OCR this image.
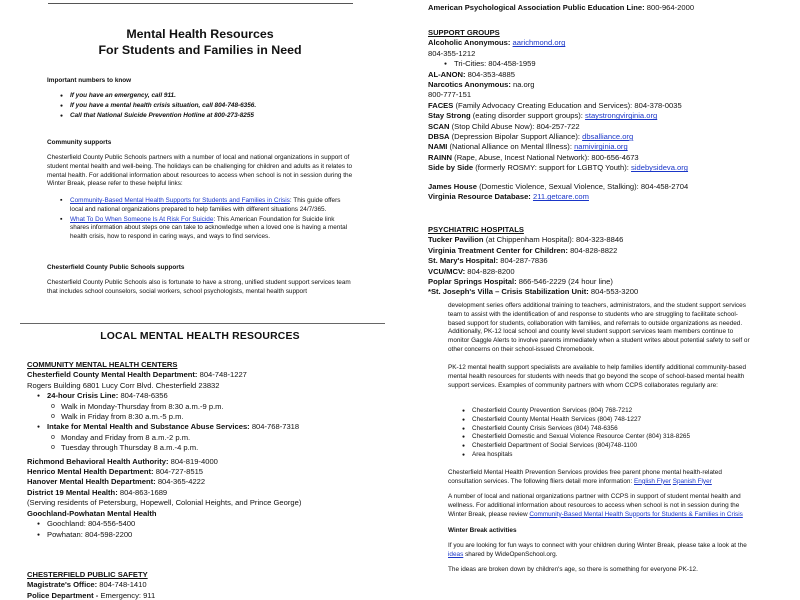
Mental Health Resources
For Students and Families in Need
Important numbers to know
● If you have an emergency, call 911.
● If you have a mental health crisis situation, call 804-748-6356.
● Call that National Suicide Prevention Hotline at 800-273-8255
Community supports
Chesterfield County Public Schools partners with a number of local and national organizations in support of student mental health and well-being. The holidays can be challenging for children and adults as it relates to mental health. For additional information about resources to access when school is not in session during the Winter Break, please refer to these helpful links:
▪ Community-Based Mental Health Supports for Students and Families in Crisis: This guide offers local and national organizations prepared to help families with different situations 24/7/365.
▪ What To Do When Someone Is At Risk For Suicide: This American Foundation for Suicide link shares information about steps one can take to acknowledge when a loved one is having a mental health crisis, how to respond in caring ways, and ways to find services.
Chesterfield County Public Schools supports
Chesterfield County Public Schools also is fortunate to have a strong, unified student support services team that includes school counselors, social workers, school psychologists, mental health support
LOCAL MENTAL HEALTH RESOURCES
COMMUNITY MENTAL HEALTH CENTERS
Chesterfield County Mental Health Department: 804-748-1227
Rogers Building 6801 Lucy Corr Blvd. Chesterfield 23832
● 24-hour Crisis Line: 804-748-6356
o Walk in Monday-Thursday from 8:30 a.m.-9 p.m.
o Walk in Friday from 8:30 a.m.-5 p.m.
● Intake for Mental Health and Substance Abuse Services: 804-768-7318
o Monday and Friday from 8 a.m.-2 p.m.
o Tuesday through Thursday 8 a.m.-4 p.m.
Richmond Behavioral Health Authority: 804-819-4000
Henrico Mental Health Department: 804-727-8515
Hanover Mental Health Department: 804-365-4222
District 19 Mental Health: 804-863-1689
(Serving residents of Petersburg, Hopewell, Colonial Heights, and Prince George)
Goochland-Powhatan Mental Health
● Goochland: 804-556-5400
● Powhatan: 804-598-2200
CHESTERFIELD PUBLIC SAFETY
Magistrate's Office: 804-748-1410
Police Department - Emergency: 911
American Psychological Association Public Education Line: 800-964-2000
SUPPORT GROUPS
Alcoholic Anonymous: aarichmond.org
804-355-1212
● Tri-Cities: 804-458-1959
AL-ANON: 804-353-4885
Narcotics Anonymous: na.org
800-777-151
FACES (Family Advocacy Creating Education and Services): 804-378-0035
Stay Strong (eating disorder support groups): staystrongvirginia.org
SCAN (Stop Child Abuse Now): 804-257-722
DBSA (Depression Bipolar Support Alliance): dbsalliance.org
NAMI (National Alliance on Mental Illness): namivirginia.org
RAINN (Rape, Abuse, Incest National Network): 800-656-4673
Side by Side (formerly ROSMY: support for LGBTQ Youth): sidebysideva.org
James House (Domestic Violence, Sexual Violence, Stalking): 804-458-2704
Virginia Resource Database: 211.getcare.com
PSYCHIATRIC HOSPITALS
Tucker Pavilion (at Chippenham Hospital): 804-323-8846
Virginia Treatment Center for Children: 804-828-8822
St. Mary's Hospital: 804-287-7836
VCU/MCV: 804-828-8200
Poplar Springs Hospital: 866-546-2229 (24 hour line)
*St. Joseph's Villa – Crisis Stabilization Unit: 804-553-3200
development series offers additional training to teachers, administrators, and the student support services team to assist with the identification of and response to students who are struggling to facilitate school-based support for students, collaboration with families, and referrals to outside organizations as needed. Additionally, PK-12 local school and county level student support services team members continue to monitor Gaggle Alerts to involve parents immediately when a student writes about potential safety to self or other concerns on their school-issued Chromebook.
PK-12 mental health support specialists are available to help families identify additional community-based mental health resources for students with needs that go beyond the scope of school-based mental health support services. Examples of community partners with whom CCPS collaborates regularly are:
● Chesterfield County Prevention Services (804) 768-7212
● Chesterfield County Mental Health Services (804) 748-1227
● Chesterfield County Crisis Services (804) 748-6356
● Chesterfield Domestic and Sexual Violence Resource Center (804) 318-8265
● Chesterfield Department of Social Services (804)748-1100
● Area hospitals
Chesterfield Mental Health Prevention Services provides free parent phone mental health-related consultation services. The following fliers detail more information: English Flyer Spanish Flyer
A number of local and national organizations partner with CCPS in support of student mental health and wellness. For additional information about resources to access when school is not in session during the Winter Break, please review Community-Based Mental Health Supports for Students & Families in Crisis
Winter Break activities
If you are looking for fun ways to connect with your children during Winter Break, please take a look at the ideas shared by WideOpenSchool.org.
The ideas are broken down by children's age, so there is something for everyone PK-12.
